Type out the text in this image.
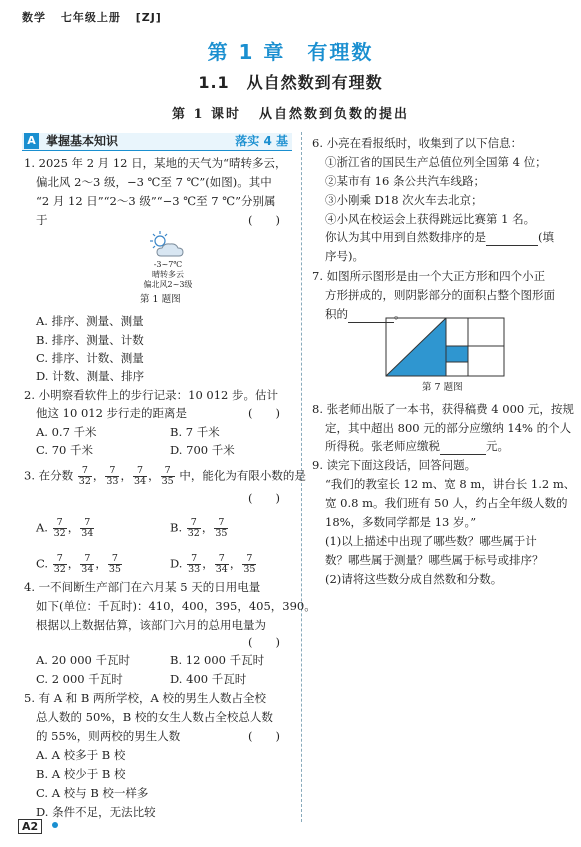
数学 七年级上册 [ZJ]
第 1 章　有理数
1.1　从自然数到有理数
第 1 课时 从自然数到负数的提出
A 掌握基本知识	落实 4 基
1. 2025 年 2 月 12 日，某地的天气为“晴转多云，
偏北风 2～3 级，−3 ℃至 7 ℃”(如图)。其中
“2 月 12 日”“2～3 级”“−3 ℃至 7 ℃”分别属
于	(　　)
-3~7℃
晴转多云
偏北风2~3级
第 1 题图
A. 排序、测量、测量
B. 排序、测量、计数
C. 排序、计数、测量
D. 计数、测量、排序
2. 小明察看软件上的步行记录：10 012 步。估计
他这 10 012 步行走的距离是	(　　)
A. 0.7 千米	B. 7 千米
C. 70 千米	D. 700 千米
3. 在分数 $\frac{7}{32}$ ， $\frac{7}{33}$ ， $\frac{7}{34}$ ， $\frac{7}{35}$ 中，能化为有限小数的是
(　　)
A. $\frac{7}{32}$ ， $\frac{7}{34}$	B. $\frac{7}{32}$ ， $\frac{7}{35}$
C. $\frac{7}{32}$ ， $\frac{7}{34}$ ， $\frac{7}{35}$	D. $\frac{7}{33}$ ， $\frac{7}{34}$ ， $\frac{7}{35}$
4. 一不间断生产部门在六月某 5 天的日用电量
如下(单位：千瓦时)：410，400，395，405，390。
根据以上数据估算，该部门六月的总用电量为
(　　)
A. 20 000 千瓦时	B. 12 000 千瓦时
C. 2 000 千瓦时	D. 400 千瓦时
5. 有 A 和 B 两所学校，A 校的男生人数占全校
总人数的 50%，B 校的女生人数占全校总人数
的 55%，则两校的男生人数	(　　)
A. A 校多于 B 校
B. A 校少于 B 校
C. A 校与 B 校一样多
D. 条件不足，无法比较
6. 小亮在看报纸时，收集到了以下信息：
①浙江省的国民生产总值位列全国第 4 位；
②某市有 16 条公共汽车线路；
③小刚乘 D18 次火车去北京；
④小风在校运会上获得跳远比赛第 1 名。
你认为其中用到自然数排序的是	(填
序号)。
7. 如图所示图形是由一个大正方形和四个小正
方形拼成的，则阴影部分的面积占整个图形面
积的	。
第 7 题图
8. 张老师出版了一本书，获得稿费 4 000 元，按规
定，其中超出 800 元的部分应缴纳 14% 的个人
所得税。张老师应缴税	元。
9. 读完下面这段话，回答问题。
“我们的教室长 12 m、宽 8 m，讲台长 1.2 m、
宽 0.8 m。我们班有 50 人，约占全年级人数的
18%，多数同学都是 13 岁。”
(1)以上描述中出现了哪些数？哪些属于计
数？哪些属于测量？哪些属于标号或排序？
(2)请将这些数分成自然数和分数。
A2
